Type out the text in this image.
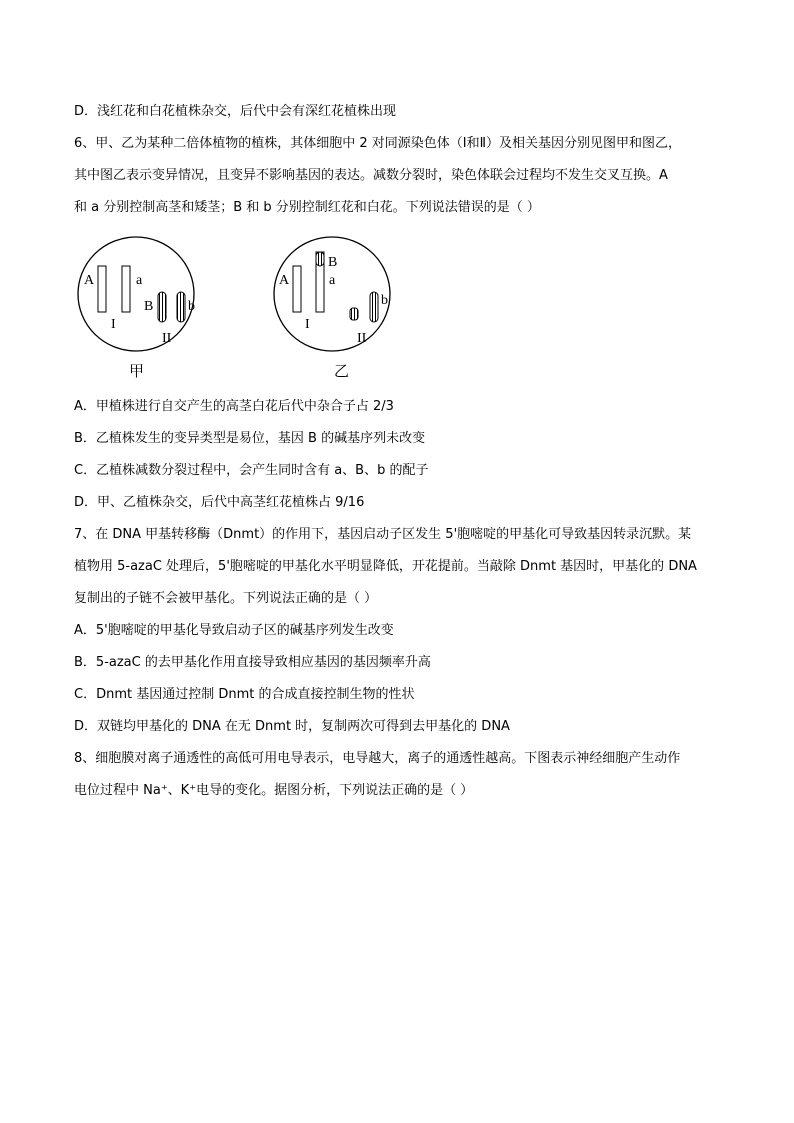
D．浅红花和白花植株杂交，后代中会有深红花植株出现
6、甲、乙为某种二倍体植物的植株，其体细胞中 2 对同源染色体（Ⅰ和Ⅱ）及相关基因分别见图甲和图乙，
其中图乙表示变异情况，且变异不影响基因的表达。减数分裂时，染色体联会过程均不发生交叉互换。A
和 a 分别控制高茎和矮茎；B 和 b 分别控制红花和白花。下列说法错误的是（ ）
A	a
I
B b
II
甲
A
B
a
I
b
II
乙
A．甲植株进行自交产生的高茎白花后代中杂合子占 2/3
B．乙植株发生的变异类型是易位，基因 B 的碱基序列未改变
C．乙植株减数分裂过程中，会产生同时含有 a、B、b 的配子
D．甲、乙植株杂交，后代中高茎红花植株占 9/16
7、在 DNA 甲基转移酶（Dnmt）的作用下，基因启动子区发生 5'胞嘧啶的甲基化可导致基因转录沉默。某
植物用 5-azaC 处理后，5'胞嘧啶的甲基化水平明显降低，开花提前。当敲除 Dnmt 基因时，甲基化的 DNA
复制出的子链不会被甲基化。下列说法正确的是（ ）
A．5'胞嘧啶的甲基化导致启动子区的碱基序列发生改变
B．5-azaC 的去甲基化作用直接导致相应基因的基因频率升高
C．Dnmt 基因通过控制 Dnmt 的合成直接控制生物的性状
D．双链均甲基化的 DNA 在无 Dnmt 时，复制两次可得到去甲基化的 DNA
8、细胞膜对离子通透性的高低可用电导表示，电导越大，离子的通透性越高。下图表示神经细胞产生动作
电位过程中 Na⁺、K⁺电导的变化。据图分析，下列说法正确的是（ ）
